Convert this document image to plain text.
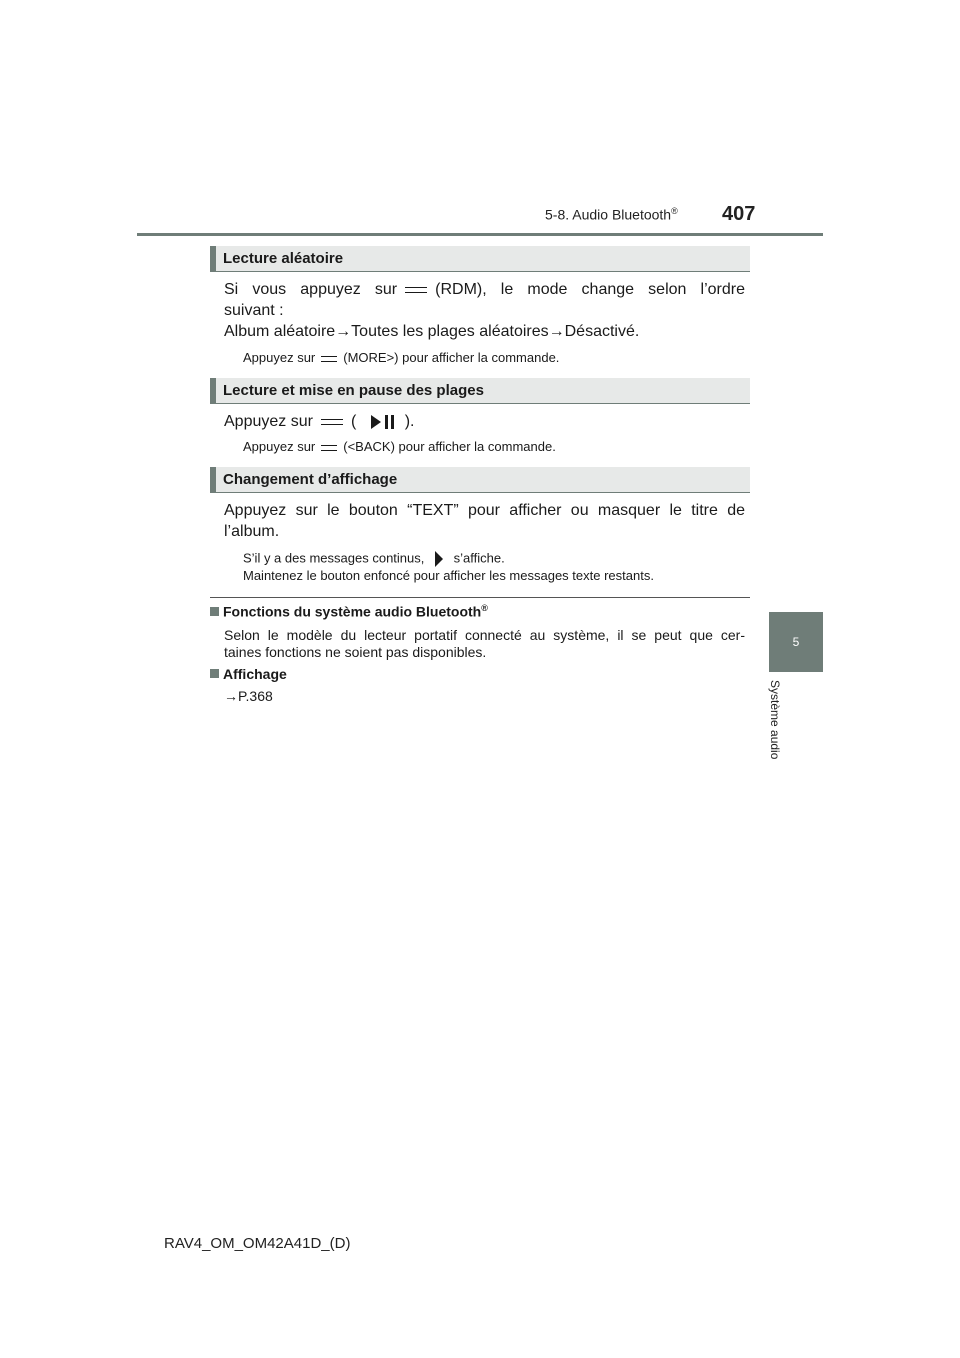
5-8. Audio Bluetooth® 407
5
Système audio
Lecture aléatoire
Si vous appuyez sur (RDM), le mode change selon l’ordre
suivant :
Album aléatoire→Toutes les plages aléatoires→Désactivé.
Appuyez sur (MORE>) pour afficher la commande.
Lecture et mise en pause des plages
Appuyez sur (	).
Appuyez sur (<BACK) pour afficher la commande.
Changement d’affichage
Appuyez sur le bouton “TEXT” pour afficher ou masquer le titre de
l’album.
S’il y a des messages continus, s’affiche.
Maintenez le bouton enfoncé pour afficher les messages texte restants.
Fonctions du système audio Bluetooth®
Selon le modèle du lecteur portatif connecté au système, il se peut que cer-
taines fonctions ne soient pas disponibles.
Affichage
→P.368
RAV4_OM_OM42A41D_(D)
